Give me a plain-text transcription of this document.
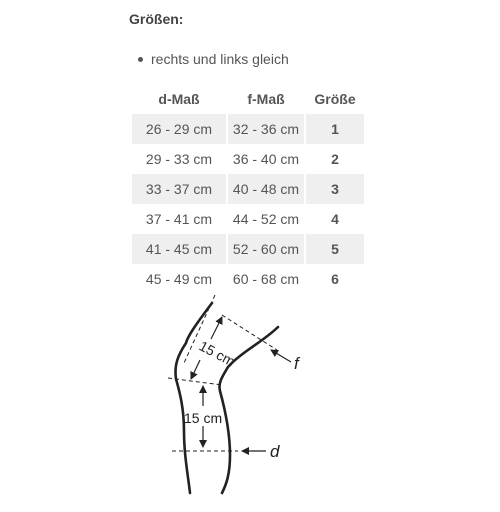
Größen:
rechts und links gleich
d-Maß	f-Maß	Größe
26 - 29 cm	32 - 36 cm	1
29 - 33 cm	36 - 40 cm	2
33 - 37 cm	40 - 48 cm	3
37 - 41 cm	44 - 52 cm	4
41 - 45 cm	52 - 60 cm	5
45 - 49 cm	60 - 68 cm	6
15 cm
15 cm
f
d
